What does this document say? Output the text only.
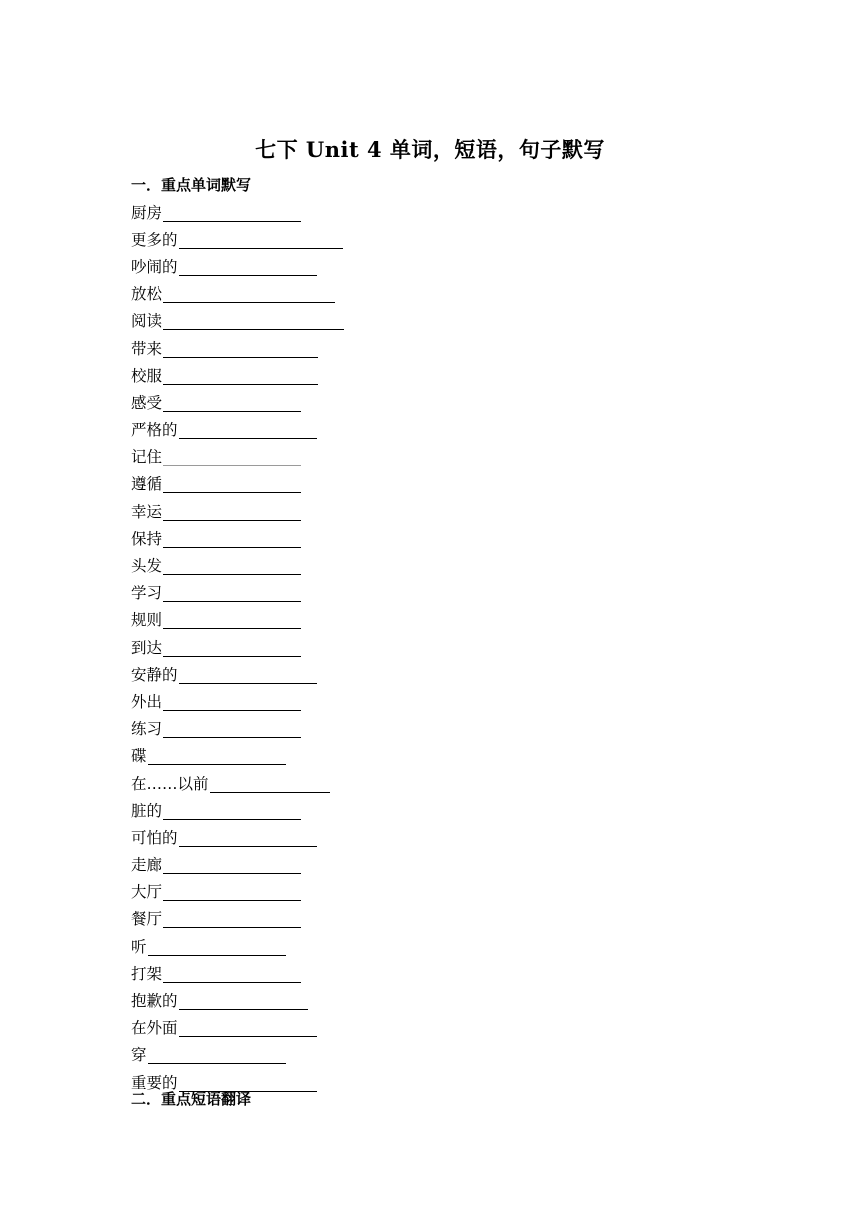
七下 Unit 4 单词，短语，句子默写
一．重点单词默写
厨房
更多的
吵闹的
放松
阅读
带来
校服
感受
严格的
记住
遵循
幸运
保持
头发
学习
规则
到达
安静的
外出
练习
碟
在……以前
脏的
可怕的
走廊
大厅
餐厅
听
打架
抱歉的
在外面
穿
重要的
二．重点短语翻译
